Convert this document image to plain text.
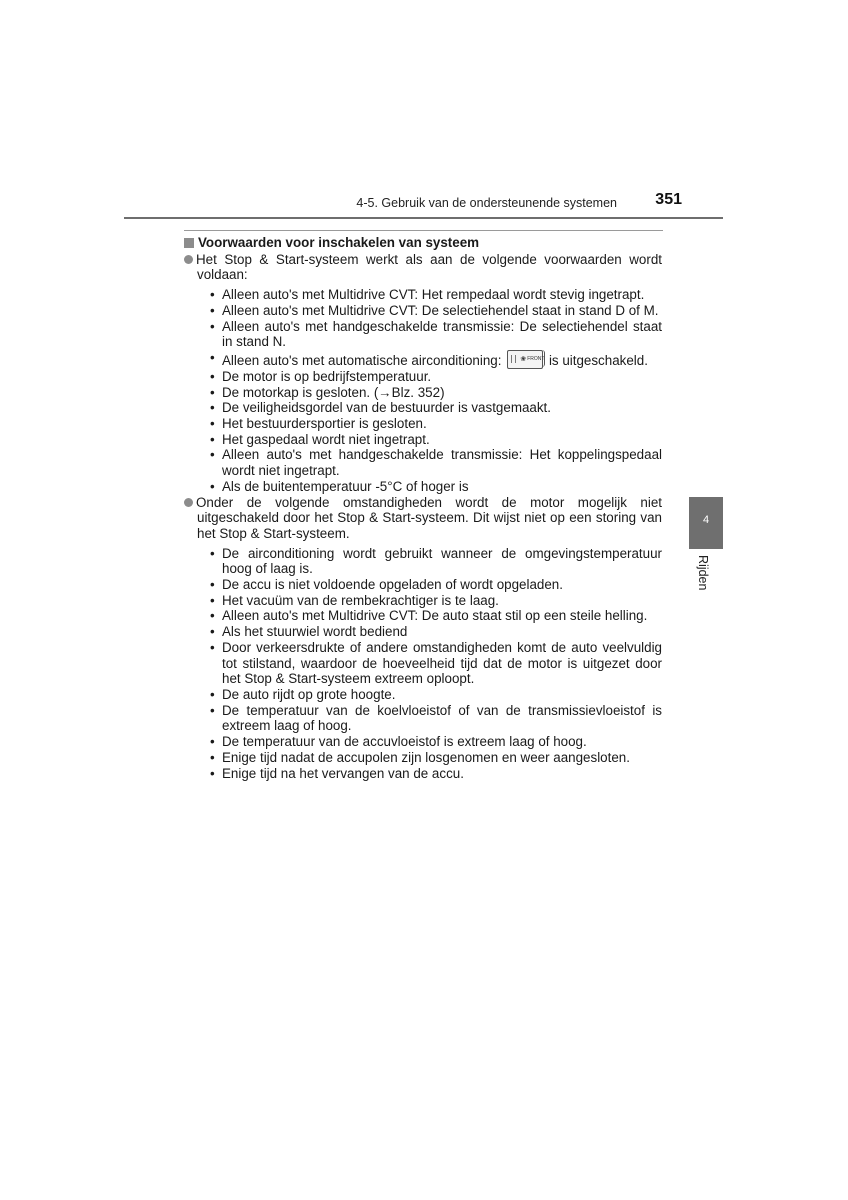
4-5. Gebruik van de ondersteunende systemen 351
Voorwaarden voor inschakelen van systeem
Het Stop & Start-systeem werkt als aan de volgende voorwaarden wordt voldaan:
• Alleen auto's met Multidrive CVT: Het rempedaal wordt stevig ingetrapt.
• Alleen auto's met Multidrive CVT: De selectiehendel staat in stand D of M.
• Alleen auto's met handgeschakelde transmissie: De selectiehendel staat in stand N.
• Alleen auto's met automatische airconditioning:	❀ FRONT is uitgeschakeld.
• De motor is op bedrijfstemperatuur.
• De motorkap is gesloten. (→Blz. 352)
• De veiligheidsgordel van de bestuurder is vastgemaakt.
• Het bestuurdersportier is gesloten.
• Het gaspedaal wordt niet ingetrapt.
• Alleen auto's met handgeschakelde transmissie: Het koppelingspedaal wordt niet ingetrapt.
• Als de buitentemperatuur -5°C of hoger is
Onder de volgende omstandigheden wordt de motor mogelijk niet uitgeschakeld door het Stop & Start-systeem. Dit wijst niet op een storing van het Stop & Start-systeem.
• De airconditioning wordt gebruikt wanneer de omgevingstemperatuur hoog of laag is.
• De accu is niet voldoende opgeladen of wordt opgeladen.
• Het vacuüm van de rembekrachtiger is te laag.
• Alleen auto's met Multidrive CVT: De auto staat stil op een steile helling.
• Als het stuurwiel wordt bediend
• Door verkeersdrukte of andere omstandigheden komt de auto veelvuldig tot stilstand, waardoor de hoeveelheid tijd dat de motor is uitgezet door het Stop & Start-systeem extreem oploopt.
• De auto rijdt op grote hoogte.
• De temperatuur van de koelvloeistof of van de transmissievloeistof is extreem laag of hoog.
• De temperatuur van de accuvloeistof is extreem laag of hoog.
• Enige tijd nadat de accupolen zijn losgenomen en weer aangesloten.
• Enige tijd na het vervangen van de accu.
4
Rijden
